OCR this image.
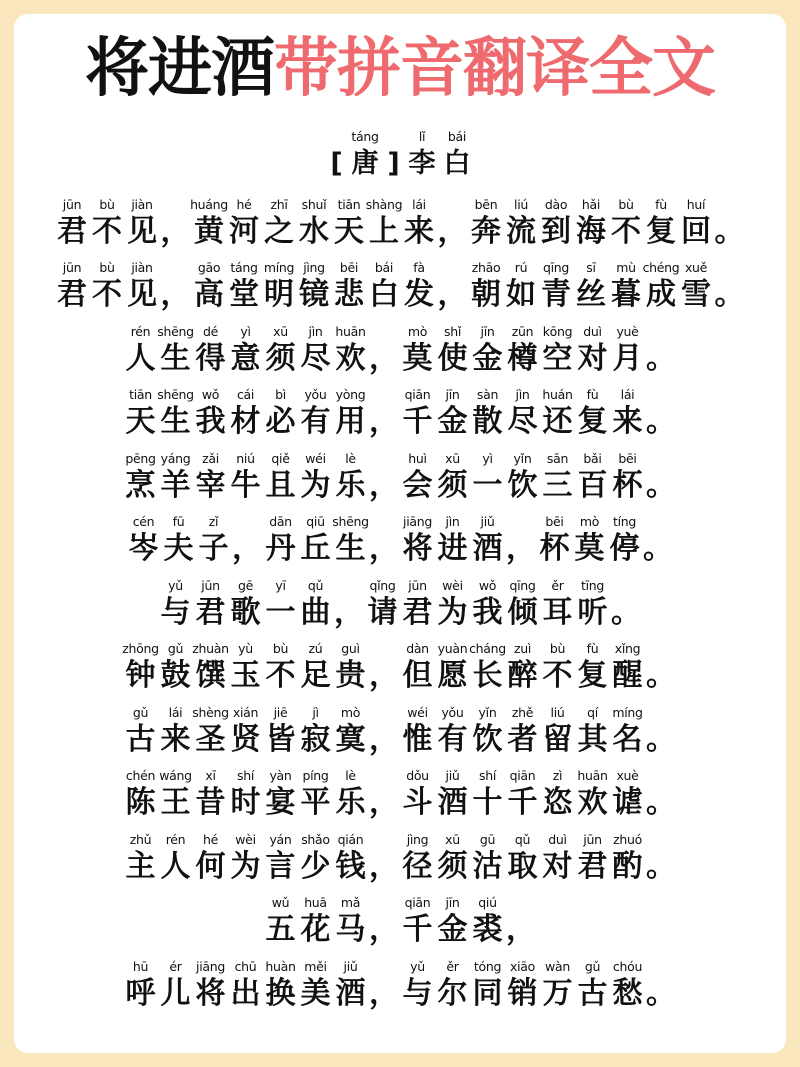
将进酒带拼音翻译全文
[
táng
唐 ]
lǐ
李
bái
白
jūn
君
bù
不
jiàn
见 ，
huáng
黄
hé
河
zhī
之
shuǐ
水
tiān
天
shàng
上
lái
来 ，
bēn
奔
liú
流
dào
到
hǎi
海
bù
不
fù
复
huí
回 。
jūn
君
bù
不
jiàn
见 ，
gāo
高
táng
堂
míng
明
jìng
镜
bēi
悲
bái
白
fà
发 ，
zhāo
朝
rú
如
qīng
青
sī
丝
mù
暮
chéng
成
xuě
雪 。
rén
人
shēng
生
dé
得
yì
意
xū
须
jìn
尽
huān
欢 ，
mò
莫
shǐ
使
jīn
金
zūn
樽
kōng
空
duì
对
yuè
月 。
tiān
天
shēng
生
wǒ
我
cái
材
bì
必
yǒu
有
yòng
用 ，
qiān
千
jīn
金
sàn
散
jìn
尽
huán
还
fù
复
lái
来 。
pēng
烹
yáng
羊
zǎi
宰
niú
牛
qiě
且
wéi
为
lè
乐 ，
huì
会
xū
须
yì
一
yǐn
饮
sān
三
bǎi
百
bēi
杯 。
cén
岑
fū
夫
zǐ
子 ，
dān
丹
qiū
丘
shēng
生 ，
jiāng
将
jìn
进
jiǔ
酒 ，
bēi
杯
mò
莫
tíng
停 。
yǔ
与
jūn
君
gē
歌
yī
一
qǔ
曲 ，
qǐng
请
jūn
君
wèi
为
wǒ
我
qīng
倾
ěr
耳
tīng
听 。
zhōng
钟
gǔ
鼓
zhuàn
馔
yù
玉
bù
不
zú
足
guì
贵 ，
dàn
但
yuàn
愿
cháng
长
zuì
醉
bù
不
fù
复
xǐng
醒 。
gǔ
古
lái
来
shèng
圣
xián
贤
jiē
皆
jì
寂
mò
寞 ，
wéi
惟
yǒu
有
yǐn
饮
zhě
者
liú
留
qí
其
míng
名 。
chén
陈
wáng
王
xī
昔
shí
时
yàn
宴
píng
平
lè
乐 ，
dǒu
斗
jiǔ
酒
shí
十
qiān
千
zì
恣
huān
欢
xuè
谑 。
zhǔ
主
rén
人
hé
何
wèi
为
yán
言
shǎo
少
qián
钱 ，
jìng
径
xū
须
gū
沽
qǔ
取
duì
对
jūn
君
zhuó
酌 。
wǔ
五
huā
花
mǎ
马 ，
qiān
千
jīn
金
qiú
裘 ，
hū
呼
ér
儿
jiāng
将
chū
出
huàn
换
měi
美
jiǔ
酒 ，
yǔ
与
ěr
尔
tóng
同
xiāo
销
wàn
万
gǔ
古
chóu
愁 。
